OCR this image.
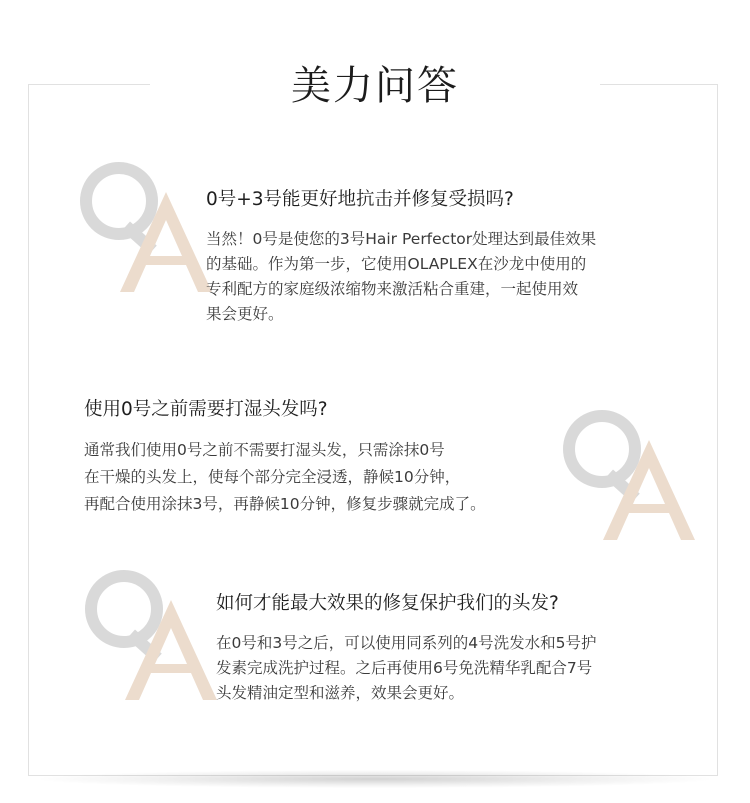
美力问答
0号+3号能更好地抗击并修复受损吗?
当然！0号是使您的3号Hair Perfector处理达到最佳效果
的基础。作为第一步，它使用OLAPLEX在沙龙中使用的
专利配方的家庭级浓缩物来激活粘合重建，一起使用效
果会更好。
使用0号之前需要打湿头发吗?
通常我们使用0号之前不需要打湿头发，只需涂抹0号
在干燥的头发上，使每个部分完全浸透，静候10分钟，
再配合使用涂抹3号，再静候10分钟，修复步骤就完成了。
如何才能最大效果的修复保护我们的头发?
在0号和3号之后，可以使用同系列的4号洗发水和5号护
发素完成洗护过程。之后再使用6号免洗精华乳配合7号
头发精油定型和滋养，效果会更好。
